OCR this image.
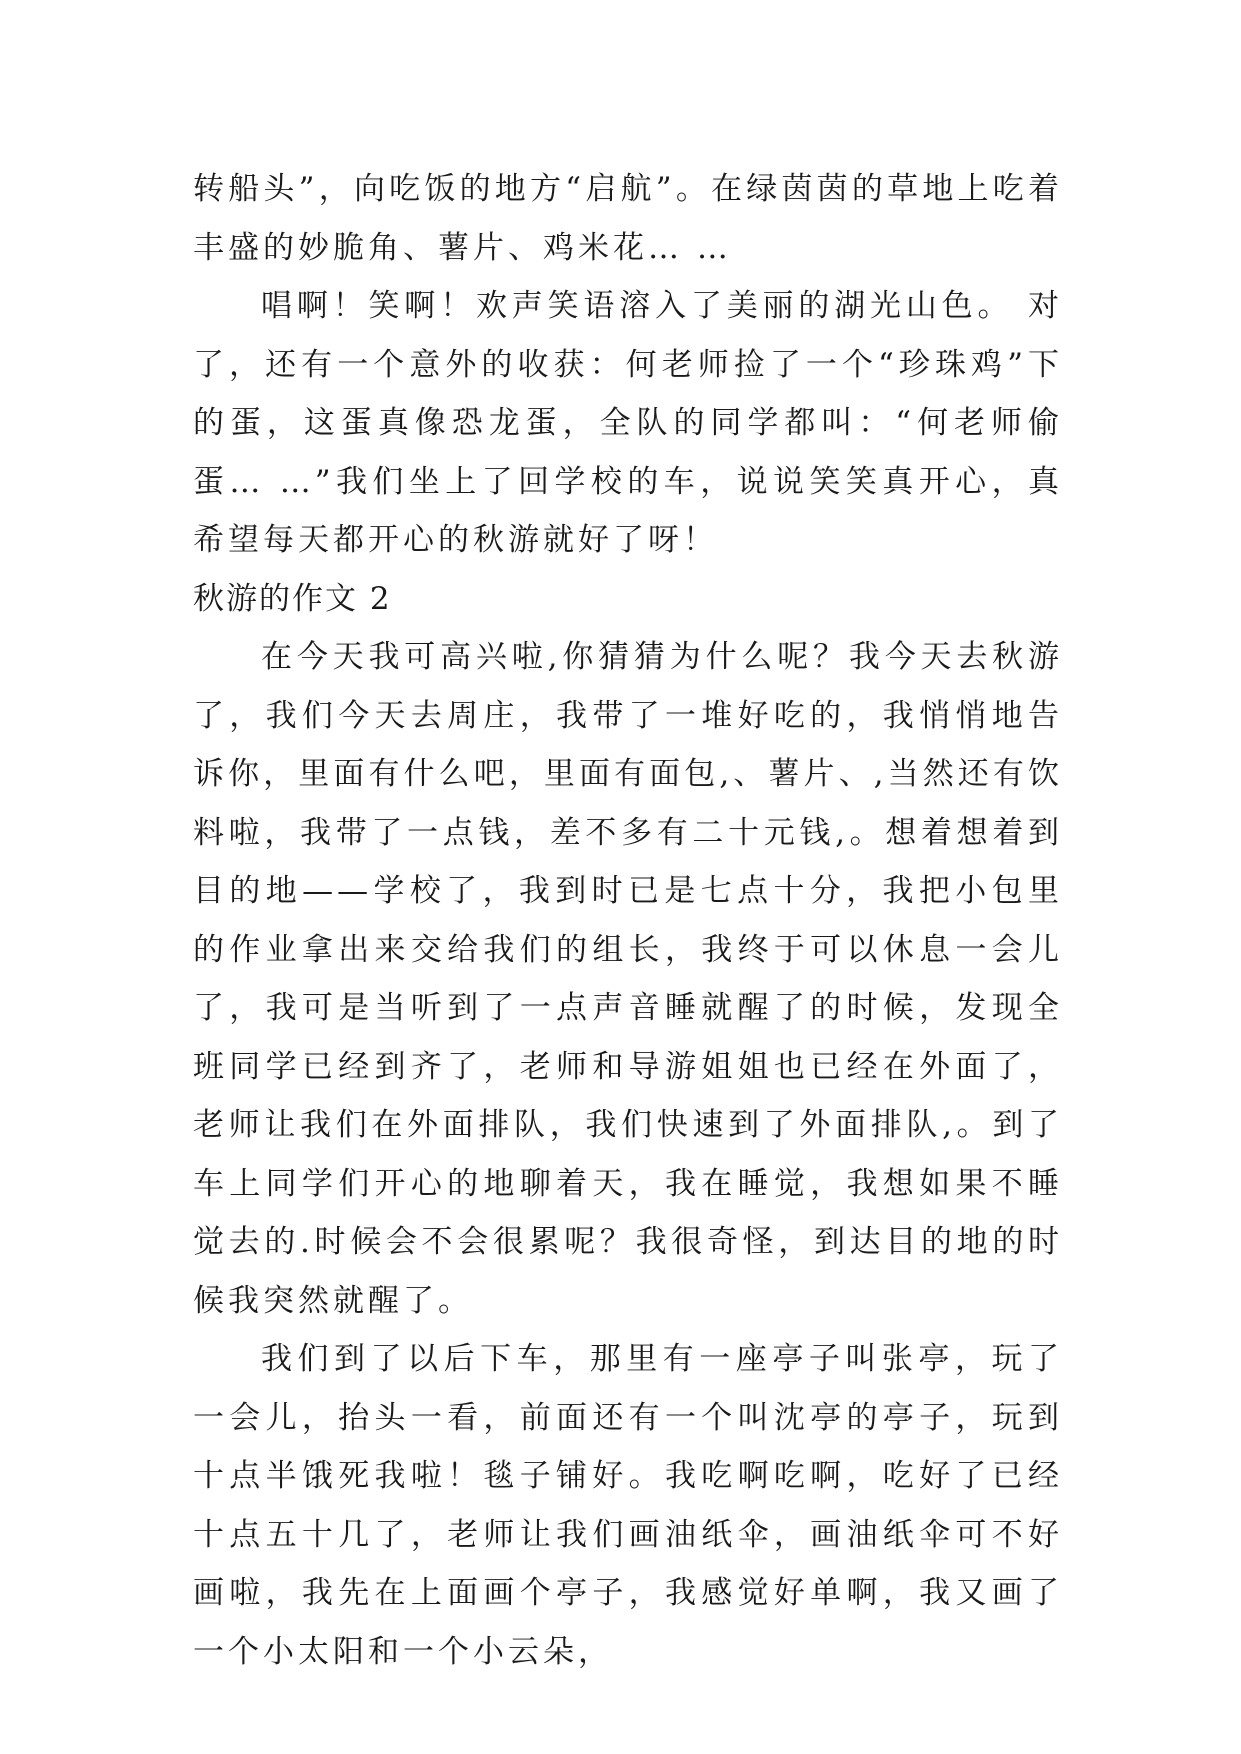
转船头”，向吃饭的地方“启航”。在绿茵茵的草地上吃着丰盛的妙脆角、薯片、鸡米花… …

唱啊！笑啊！欢声笑语溶入了美丽的湖光山色。 对了，还有一个意外的收获：何老师捡了一个“珍珠鸡”下的蛋，这蛋真像恐龙蛋，全队的同学都叫：“何老师偷蛋… …”我们坐上了回学校的车，说说笑笑真开心，真希望每天都开心的秋游就好了呀！

秋游的作文 2

在今天我可高兴啦,你猜猜为什么呢？我今天去秋游了，我们今天去周庄，我带了一堆好吃的，我悄悄地告诉你，里面有什么吧，里面有面包,、薯片、,当然还有饮料啦，我带了一点钱，差不多有二十元钱,。想着想着到目的地——学校了，我到时已是七点十分，我把小包里的作业拿出来交给我们的组长，我终于可以休息一会儿了，我可是当听到了一点声音睡就醒了的时候，发现全班同学已经到齐了，老师和导游姐姐也已经在外面了，老师让我们在外面排队，我们快速到了外面排队,。到了车上同学们开心的地聊着天，我在睡觉，我想如果不睡觉去的.时候会不会很累呢？我很奇怪，到达目的地的时候我突然就醒了。

我们到了以后下车，那里有一座亭子叫张亭，玩了一会儿，抬头一看，前面还有一个叫沈亭的亭子，玩到十点半饿死我啦！毯子铺好。我吃啊吃啊，吃好了已经十点五十几了，老师让我们画油纸伞，画油纸伞可不好画啦，我先在上面画个亭子，我感觉好单啊，我又画了一个小太阳和一个小云朵，
